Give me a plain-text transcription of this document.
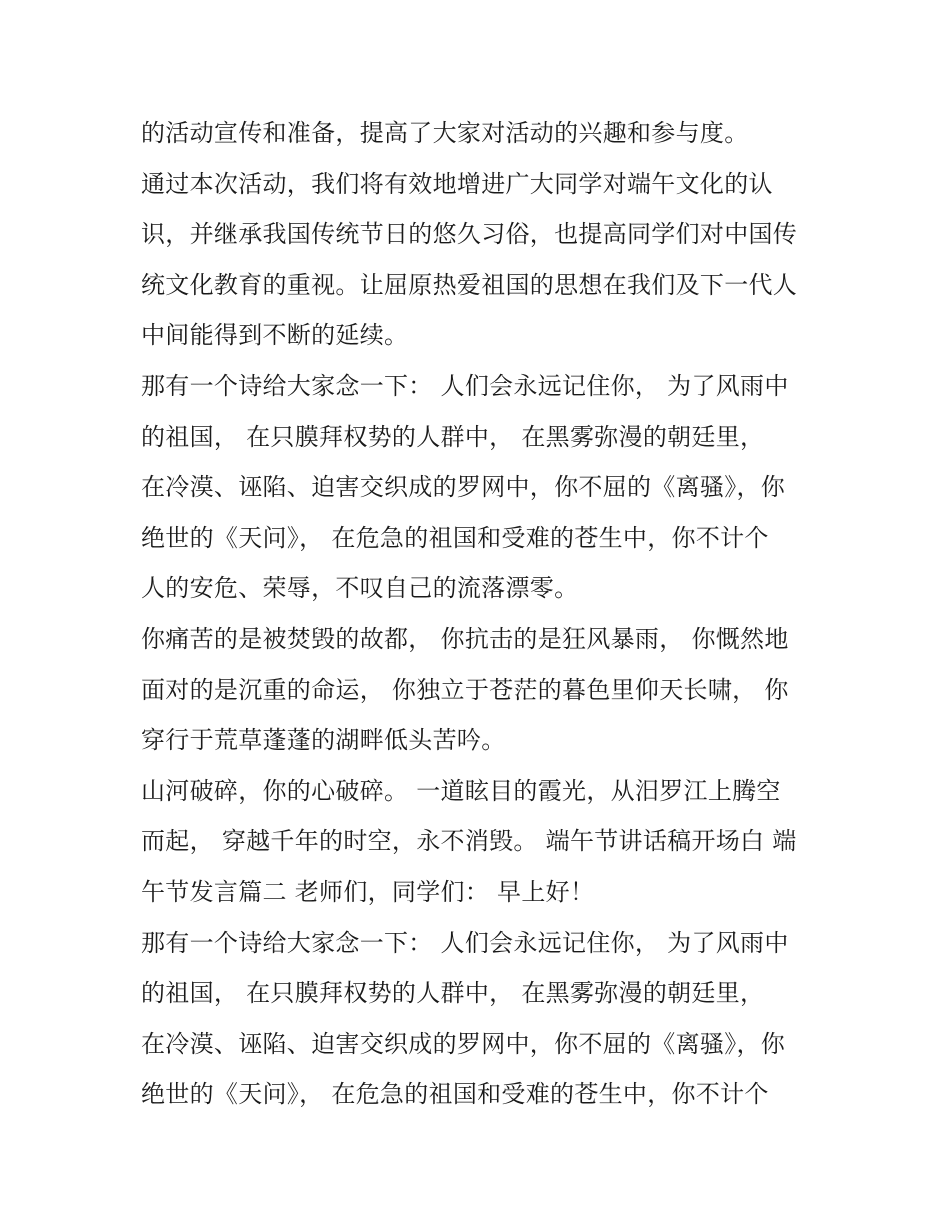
的活动宣传和准备，提高了大家对活动的兴趣和参与度。
通过本次活动，我们将有效地增进广大同学对端午文化的认
识，并继承我国传统节日的悠久习俗，也提高同学们对中国传
统文化教育的重视。让屈原热爱祖国的思想在我们及下一代人
中间能得到不断的延续。
那有一个诗给大家念一下： 人们会永远记住你， 为了风雨中
的祖国， 在只膜拜权势的人群中， 在黑雾弥漫的朝廷里，
在冷漠、诬陷、迫害交织成的罗网中，你不屈的《离骚》，你
绝世的《天问》， 在危急的祖国和受难的苍生中，你不计个
人的安危、荣辱，不叹自己的流落漂零。
你痛苦的是被焚毁的故都， 你抗击的是狂风暴雨， 你慨然地
面对的是沉重的命运， 你独立于苍茫的暮色里仰天长啸， 你
穿行于荒草蓬蓬的湖畔低头苦吟。
山河破碎，你的心破碎。 一道眩目的霞光，从汨罗江上腾空
而起， 穿越千年的时空，永不消毁。 端午节讲话稿开场白 端
午节发言篇二 老师们，同学们： 早上好！
那有一个诗给大家念一下： 人们会永远记住你， 为了风雨中
的祖国， 在只膜拜权势的人群中， 在黑雾弥漫的朝廷里，
在冷漠、诬陷、迫害交织成的罗网中，你不屈的《离骚》，你
绝世的《天问》， 在危急的祖国和受难的苍生中，你不计个
